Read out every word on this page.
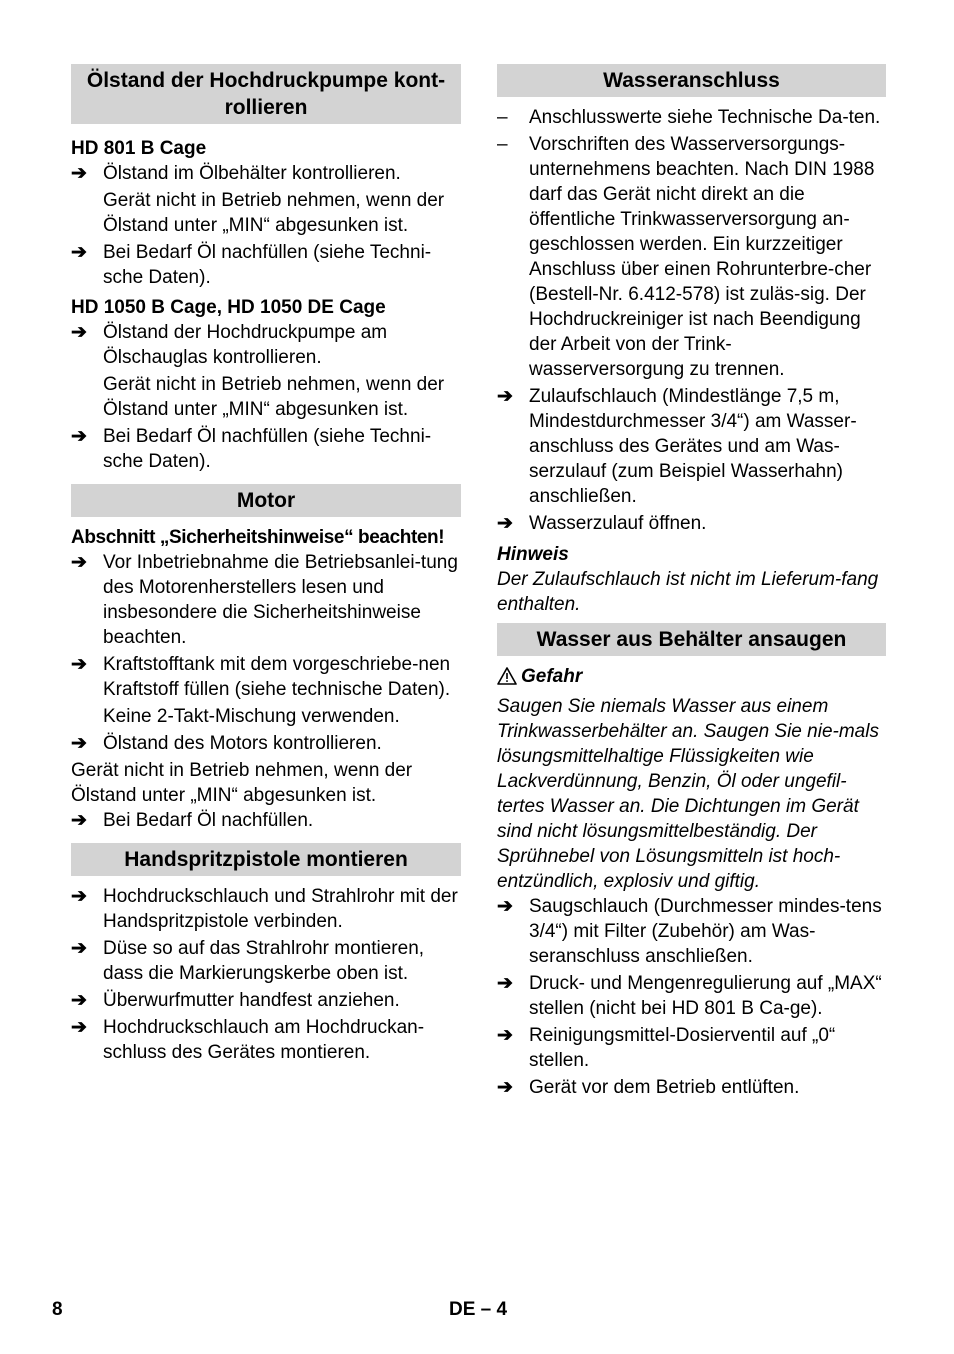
Ölstand der Hochdruckpumpe kont-rollieren

HD 801 B Cage

➔ Ölstand im Ölbehälter kontrollieren.
Gerät nicht in Betrieb nehmen, wenn der Ölstand unter „MIN“ abgesunken ist.
➔ Bei Bedarf Öl nachfüllen (siehe Techni-sche Daten).

HD 1050 B Cage, HD 1050 DE Cage

➔ Ölstand der Hochdruckpumpe am Ölschauglas kontrollieren.
Gerät nicht in Betrieb nehmen, wenn der Ölstand unter „MIN“ abgesunken ist.
➔ Bei Bedarf Öl nachfüllen (siehe Techni-sche Daten).
Motor

Abschnitt „Sicherheitshinweise“ beachten!

➔ Vor Inbetriebnahme die Betriebsanlei-tung des Motorenherstellers lesen und insbesondere die Sicherheitshinweise beachten.
➔ Kraftstofftank mit dem vorgeschriebe-nen Kraftstoff füllen (siehe technische Daten).
Keine 2-Takt-Mischung verwenden.
➔ Ölstand des Motors kontrollieren.
Gerät nicht in Betrieb nehmen, wenn der Ölstand unter „MIN“ abgesunken ist.
➔ Bei Bedarf Öl nachfüllen.
Handspritzpistole montieren
➔ Hochdruckschlauch und Strahlrohr mit der Handspritzpistole verbinden.
➔ Düse so auf das Strahlrohr montieren, dass die Markierungskerbe oben ist.
➔ Überwurfmutter handfest anziehen.
➔ Hochdruckschlauch am Hochdruckan-schluss des Gerätes montieren.
Wasseranschluss
– Anschlusswerte siehe Technische Da-ten.
– Vorschriften des Wasserversorgungs-unternehmens beachten. Nach DIN 1988 darf das Gerät nicht direkt an die öffentliche Trinkwasserversorgung an-geschlossen werden. Ein kurzzeitiger Anschluss über einen Rohrunterbre-cher (Bestell-Nr. 6.412-578) ist zuläs-sig. Der Hochdruckreiniger ist nach Beendigung der Arbeit von der Trink-wasserversorgung zu trennen.
➔ Zulaufschlauch (Mindestlänge 7,5 m, Mindestdurchmesser 3/4“) am Wasser-anschluss des Gerätes und am Was-serzulauf (zum Beispiel Wasserhahn) anschließen.
➔ Wasserzulauf öffnen.
Hinweis
Der Zulaufschlauch ist nicht im Lieferum-fang enthalten.
Wasser aus Behälter ansaugen
Gefahr
Saugen Sie niemals Wasser aus einem Trinkwasserbehälter an. Saugen Sie nie-mals lösungsmittelhaltige Flüssigkeiten wie Lackverdünnung, Benzin, Öl oder ungefil-tertes Wasser an. Die Dichtungen im Gerät sind nicht lösungsmittelbeständig. Der Sprühnebel von Lösungsmitteln ist hoch-entzündlich, explosiv und giftig.
➔ Saugschlauch (Durchmesser mindes-tens 3/4“) mit Filter (Zubehör) am Was-seranschluss anschließen.
➔ Druck- und Mengenregulierung auf „MAX“ stellen (nicht bei HD 801 B Ca-ge).
➔ Reinigungsmittel-Dosierventil auf „0“ stellen.
➔ Gerät vor dem Betrieb entlüften.
8	DE – 4
